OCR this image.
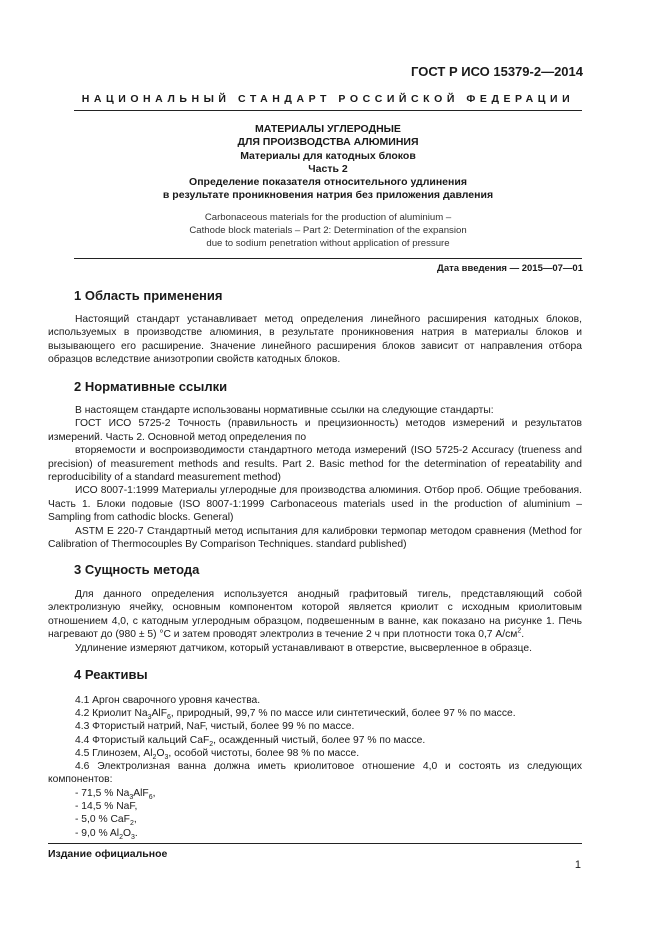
ГОСТ Р ИСО 15379-2—2014
НАЦИОНАЛЬНЫЙ СТАНДАРТ РОССИЙСКОЙ ФЕДЕРАЦИИ
МАТЕРИАЛЫ УГЛЕРОДНЫЕ
ДЛЯ ПРОИЗВОДСТВА АЛЮМИНИЯ
Материалы для катодных блоков
Часть 2
Определение показателя относительного удлинения
в результате проникновения натрия без приложения давления
Carbonaceous materials for the production of aluminium –
Cathode block materials – Part 2: Determination of the expansion
due to sodium penetration without application of pressure
Дата введения — 2015—07—01
1 Область применения

Настоящий стандарт устанавливает метод определения линейного расширения катодных блоков, используемых в производстве алюминия, в результате проникновения натрия в материалы блоков и вызывающего его расширение. Значение линейного расширения блоков зависит от направления отбора образцов вследствие анизотропии свойств катодных блоков.

2 Нормативные ссылки

В настоящем стандарте использованы нормативные ссылки на следующие стандарты:

ГОСТ ИСО 5725-2 Точность (правильность и прецизионность) методов измерений и результатов измерений. Часть 2. Основной метод определения по

вторяемости и воспроизводимости стандартного метода измерений (ISO 5725-2 Accuracy (trueness and precision) of measurement methods and results. Part 2. Basic method for the determination of repeatability and reproducibility of a standard measurement method)

ИСО 8007-1:1999 Материалы углеродные для производства алюминия. Отбор проб. Общие требования. Часть 1. Блоки подовые (ISO 8007-1:1999 Carbonaceous materials used in the production of aluminium – Sampling from cathodic blocks. General)

ASTM E 220-7 Стандартный метод испытания для калибровки термопар методом сравнения (Method for Calibration of Thermocouples By Comparison Techniques. standard published)

3 Сущность метода

Для данного определения используется анодный графитовый тигель, представляющий собой электролизную ячейку, основным компонентом которой является криолит с исходным криолитовым отношением 4,0, с катодным углеродным образцом, подвешенным в ванне, как показано на рисунке 1. Печь нагревают до (980 ± 5) °С и затем проводят электролиз в течение 2 ч при плотности тока 0,7 $А/см^2$.

Удлинение измеряют датчиком, который устанавливают в отверстие, высверленное в образце.

4 Реактивы
4.1 Аргон сварочного уровня качества.
4.2 Криолит $Na_3AlF_6$, природный, 99,7 % по массе или синтетический, более 97 % по массе.
4.3 Фтористый натрий, NaF, чистый, более 99 % по массе.
4.4 Фтористый кальций CaF$_2$, осажденный чистый, более 97 % по массе.
4.5 Глинозем, $Al_2O_3$, особой чистоты, более 98 % по массе.

4.6 Электролизная ванна должна иметь криолитовое отношение 4,0 и состоять из следующих компонентов:

- 71,5 % $Na_3AlF_6$,
- 14,5 % NaF,
- 5,0 % CaF$_2$,
- 9,0 % $Al_2O_3$.
Издание официальное
1
